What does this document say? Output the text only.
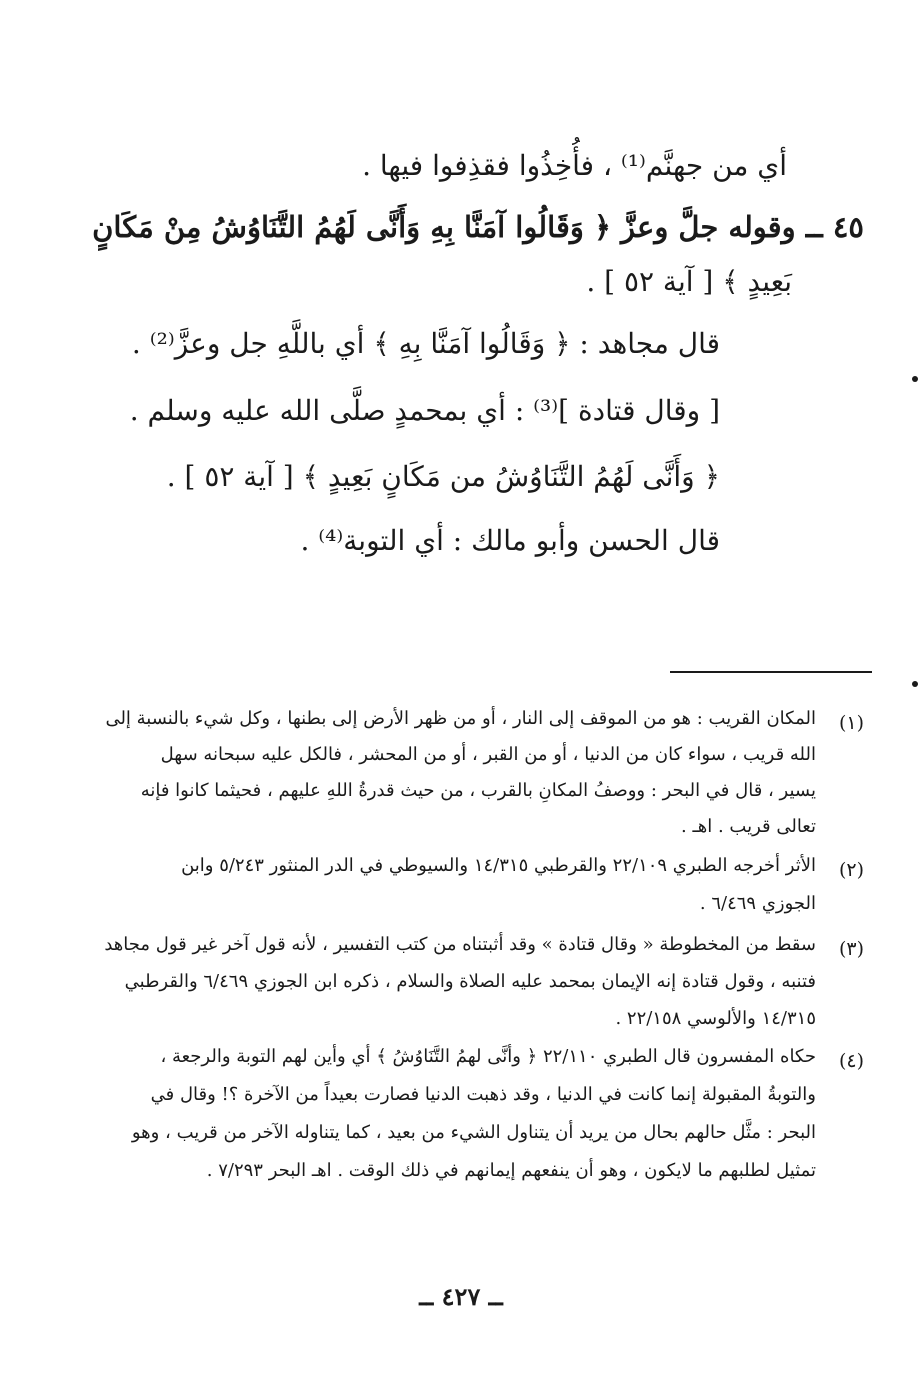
أي من جهنَّم⁽¹⁾ ، فأُخِذُوا فقذِفوا فيها .
٤٥ ــ وقوله جلَّ وعزَّ ﴿ وَقَالُوا آمَنَّا بِهِ وَأَنَّى لَهُمُ التَّنَاوُشُ مِنْ مَكَانٍ
بَعِيدٍ ﴾ [ آية ٥٢ ] .
قال مجاهد : ﴿ وَقَالُوا آمَنَّا بِهِ ﴾ أي باللَّهِ جل وعزَّ⁽²⁾ .
[ وقال قتادة ]⁽³⁾ : أي بمحمدٍ صلَّى الله عليه وسلم .
﴿ وَأَنَّى لَهُمُ التَّنَاوُشُ من مَكَانٍ بَعِيدٍ ﴾ [ آية ٥٢ ] .
قال الحسن وأبو مالك : أي التوبة⁽⁴⁾ .
(١)
المكان القريب : هو من الموقف إلى النار ، أو من ظهر الأرض إلى بطنها ، وكل شيء بالنسبة إلى
الله قريب ، سواء كان من الدنيا ، أو من القبر ، أو من المحشر ، فالكل عليه سبحانه سهل
يسير ، قال في البحر : ووصفُ المكانِ بالقرب ، من حيث قدرةُ اللهِ عليهم ، فحيثما كانوا فإنه
تعالى قريب . اهـ .
(٢)
الأثر أخرجه الطبري ٢٢/١٠٩ والقرطبي ١٤/٣١٥ والسيوطي في الدر المنثور ٥/٢٤٣ وابن
الجوزي ٦/٤٦٩ .
(٣)
سقط من المخطوطة « وقال قتادة » وقد أثبتناه من كتب التفسير ، لأنه قول آخر غير قول مجاهد
فتنبه ، وقول قتادة إنه الإيمان بمحمد عليه الصلاة والسلام ، ذكره ابن الجوزي ٦/٤٦٩ والقرطبي
١٤/٣١٥ والألوسي ٢٢/١٥٨ .
(٤)
حكاه المفسرون قال الطبري ٢٢/١١٠ ﴿ وأنَّى لهمُ التَّنَاوُشُ ﴾ أي وأين لهم التوبة والرجعة ،
والتوبةُ المقبولة إنما كانت في الدنيا ، وقد ذهبت الدنيا فصارت بعيداً من الآخرة ؟! وقال في
البحر : مثَّل حالهم بحال من يريد أن يتناول الشيء من بعيد ، كما يتناوله الآخر من قريب ، وهو
تمثيل لطلبهم ما لايكون ، وهو أن ينفعهم إيمانهم في ذلك الوقت . اهـ البحر ٧/٢٩٣ .
ــ ٤٢٧ ــ
